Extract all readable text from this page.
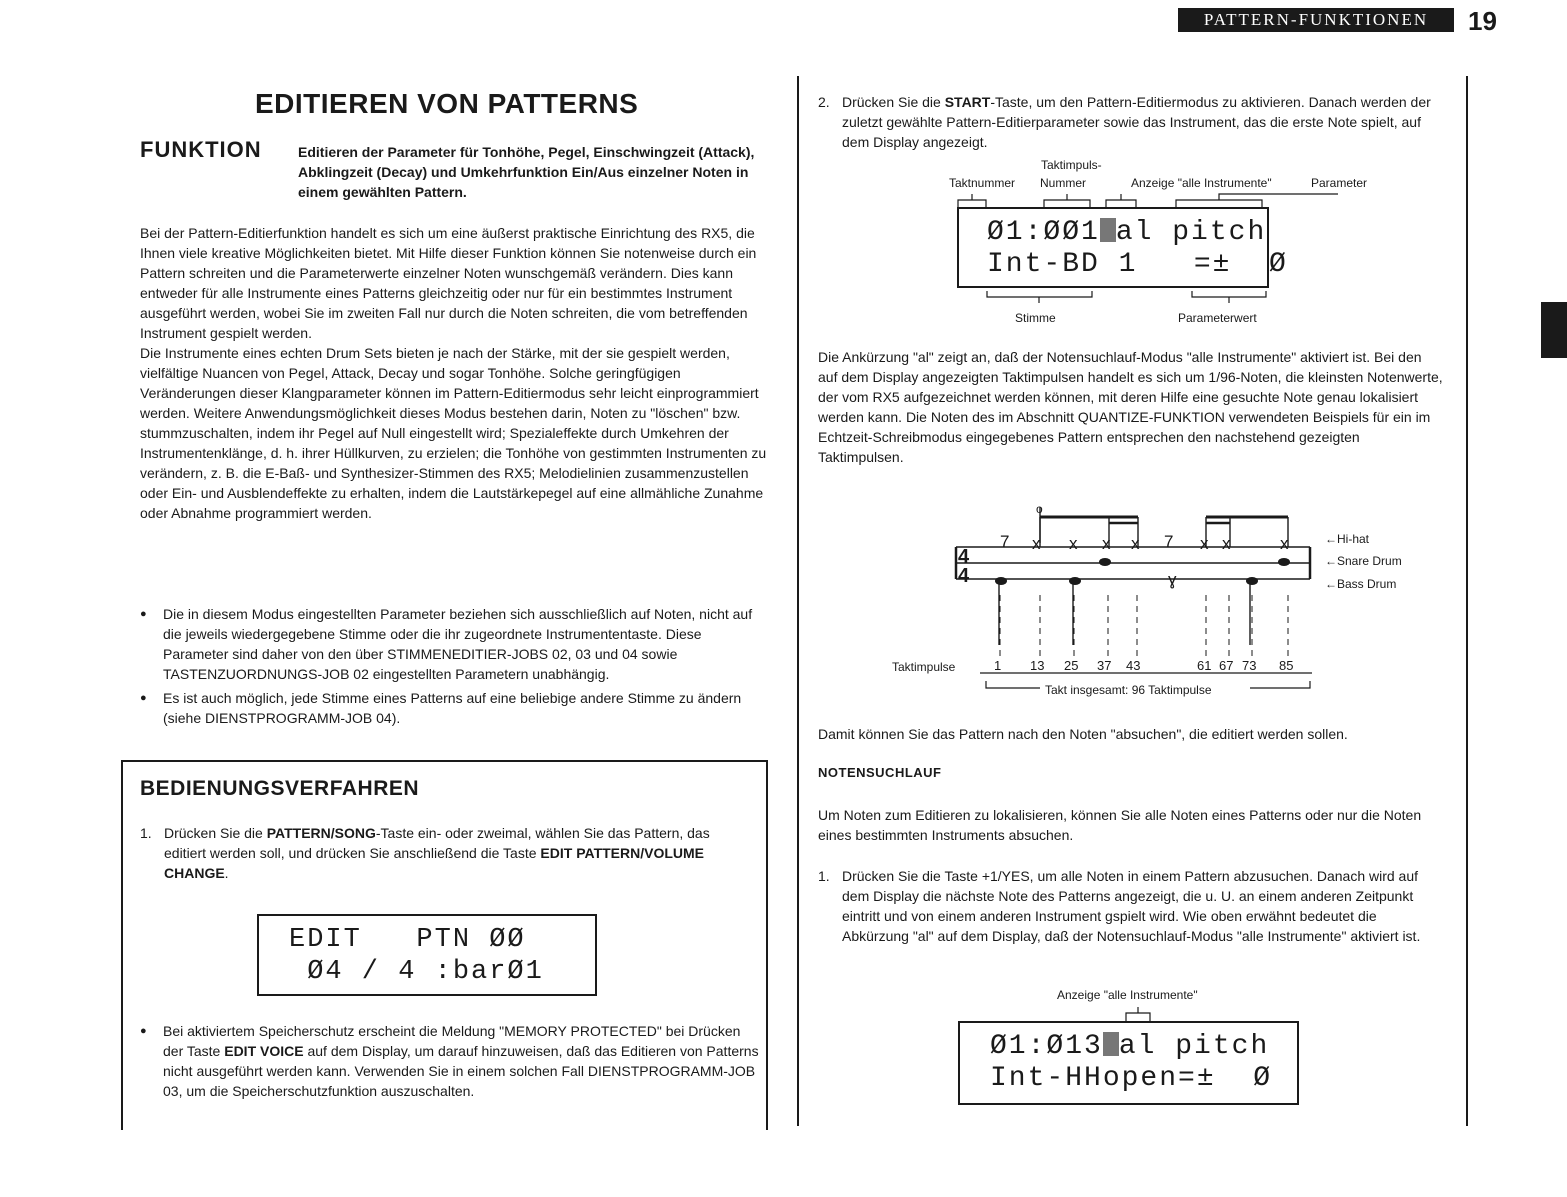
PATTERN-FUNKTIONEN	19
EDITIEREN VON PATTERNS
FUNKTION	Editieren der Parameter für Tonhöhe, Pegel, Einschwingzeit (Attack), Abklingzeit (Decay) und Umkehrfunktion Ein/Aus einzelner Noten in einem gewählten Pattern.

Bei der Pattern-Editierfunktion handelt es sich um eine äußerst praktische Einrichtung des RX5, die Ihnen viele kreative Möglichkeiten bietet. Mit Hilfe dieser Funktion können Sie notenweise durch ein Pattern schreiten und die Parameterwerte einzelner Noten wunschgemäß verändern. Dies kann entweder für alle Instrumente eines Patterns gleichzeitig oder nur für ein bestimmtes Instrument ausgeführt werden, wobei Sie im zweiten Fall nur durch die Noten schreiten, die vom betreffenden Instrument gespielt werden.

Die Instrumente eines echten Drum Sets bieten je nach der Stärke, mit der sie gespielt werden, vielfältige Nuancen von Pegel, Attack, Decay und sogar Tonhöhe. Solche geringfügigen Veränderungen dieser Klangparameter können im Pattern-Editiermodus sehr leicht einprogrammiert werden. Weitere Anwendungsmöglichkeit dieses Modus bestehen darin, Noten zu "löschen" bzw. stummzuschalten, indem ihr Pegel auf Null eingestellt wird; Spezialeffekte durch Umkehren der Instrumentenklänge, d. h. ihrer Hüllkurven, zu erzielen; die Tonhöhe von gestimmten Instrumenten zu verändern, z. B. die E-Baß- und Synthesizer-Stimmen des RX5; Melodielinien zusammenzustellen oder Ein- und Ausblendeffekte zu erhalten, indem die Lautstärkepegel auf eine allmähliche Zunahme oder Abnahme programmiert werden.

● Die in diesem Modus eingestellten Parameter beziehen sich ausschließlich auf Noten, nicht auf die jeweils wiedergegebene Stimme oder die ihr zugeordnete Instrumententaste. Diese Parameter sind daher von den über STIMMENEDITIER-JOBS 02, 03 und 04 sowie TASTENZUORDNUNGS-JOB 02 eingestellten Parametern unabhängig.
● Es ist auch möglich, jede Stimme eines Patterns auf eine beliebige andere Stimme zu ändern (siehe DIENSTPROGRAMM-JOB 04).
BEDIENUNGSVERFAHREN
1. Drücken Sie die PATTERN/SONG-Taste ein- oder zweimal, wählen Sie das Pattern, das editiert werden soll, und drücken Sie anschließend die Taste EDIT PATTERN/VOLUME CHANGE.
EDIT   PTN ØØ
Ø4 / 4 :barØ1
● Bei aktiviertem Speicherschutz erscheint die Meldung "MEMORY PROTECTED" bei Drücken der Taste EDIT VOICE auf dem Display, um darauf hinzuweisen, daß das Editieren von Patterns nicht ausgeführt werden kann. Verwenden Sie in einem solchen Fall DIENSTPROGRAMM-JOB 03, um die Speicherschutzfunktion auszuschalten.
2. Drücken Sie die START-Taste, um den Pattern-Editiermodus zu aktivieren. Danach werden der zuletzt gewählte Pattern-Editierparameter sowie das Instrument, das die erste Note spielt, auf dem Display angezeigt.
Taktimpuls-
Taktnummer Nummer	Anzeige "alle Instrumente"	Parameter
Ø1:ØØ1 al pitch
Int-BD 1   =±  Ø
Stimme	Parameterwert
Die Ankürzung "al" zeigt an, daß der Notensuchlauf-Modus "alle Instrumente" aktiviert ist. Bei den auf dem Display angezeigten Taktimpulsen handelt es sich um 1/96-Noten, die kleinsten Notenwerte, der vom RX5 aufgezeichnet werden können, mit deren Hilfe eine gesuchte Note genau lokalisiert werden kann. Die Noten des im Abschnitt QUANTIZE-FUNKTION verwendeten Beispiels für ein im Echtzeit-Schreibmodus eingegebenes Pattern entsprechen den nachstehend gezeigten Taktimpulsen.
4
4
7 x x x x 7 x x	x
o
ɣ
←Hi-hat
←Snare Drum
←Bass Drum
Taktimpulse	1 13 25 37 43	61 67 73 85
Takt insgesamt: 96 Taktimpulse
Damit können Sie das Pattern nach den Noten "absuchen", die editiert werden sollen.
NOTENSUCHLAUF
Um Noten zum Editieren zu lokalisieren, können Sie alle Noten eines Patterns oder nur die Noten eines bestimmten Instruments absuchen.
1. Drücken Sie die Taste +1/YES, um alle Noten in einem Pattern abzusuchen. Danach wird auf dem Display die nächste Note des Patterns angezeigt, die u. U. an einem anderen Zeitpunkt eintritt und von einem anderen Instrument gspielt wird. Wie oben erwähnt bedeutet die Abkürzung "al" auf dem Display, daß der Notensuchlauf-Modus "alle Instrumente" aktiviert ist.
Anzeige "alle Instrumente"
Ø1:Ø13 al pitch
Int-HHopen=±  Ø
